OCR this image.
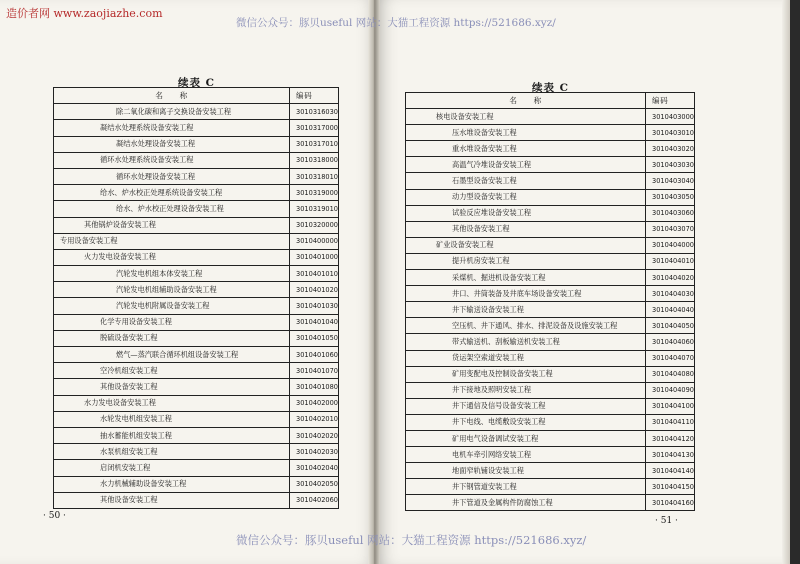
造价者网 www.zaojiazhe.com
微信公众号：豚贝useful 网站：大猫工程资源 https://521686.xyz/
微信公众号：豚贝useful 网站：大猫工程资源 https://521686.xyz/
续表 C
名　　称	编码
除二氧化碳和离子交换设备安装工程	3010316030
凝结水处理系统设备安装工程	3010317000
凝结水处理设备安装工程	3010317010
循环水处理系统设备安装工程	3010318000
循环水处理设备安装工程	3010318010
给水、炉水校正处理系统设备安装工程	3010319000
给水、炉水校正处理设备安装工程	3010319010
其他锅炉设备安装工程	3010320000
专用设备安装工程	3010400000
火力发电设备安装工程	3010401000
汽轮发电机组本体安装工程	3010401010
汽轮发电机组辅助设备安装工程	3010401020
汽轮发电机附属设备安装工程	3010401030
化学专用设备安装工程	3010401040
脱硫设备安装工程	3010401050
燃气—蒸汽联合循环机组设备安装工程	3010401060
空冷机组安装工程	3010401070
其他设备安装工程	3010401080
水力发电设备安装工程	3010402000
水轮发电机组安装工程	3010402010
抽水蓄能机组安装工程	3010402020
水泵机组安装工程	3010402030
启闭机安装工程	3010402040
水力机械辅助设备安装工程	3010402050
其他设备安装工程	3010402060
· 50 ·
续表 C
名　　称	编码
核电设备安装工程	3010403000
压水堆设备安装工程	3010403010
重水堆设备安装工程	3010403020
高温气冷堆设备安装工程	3010403030
石墨型设备安装工程	3010403040
动力型设备安装工程	3010403050
试验反应堆设备安装工程	3010403060
其他设备安装工程	3010403070
矿业设备安装工程	3010404000
提升机房安装工程	3010404010
采煤机、掘进机设备安装工程	3010404020
井口、井筒装备及井底车场设备安装工程	3010404030
井下输送设备安装工程	3010404040
空压机、井下通风、排水、排泥设备及设施安装工程	3010404050
带式输送机、刮板输送机安装工程	3010404060
货运架空索道安装工程	3010404070
矿用变配电及控制设备安装工程	3010404080
井下接地及照明安装工程	3010404090
井下通信及信号设备安装工程	3010404100
井下电线、电缆敷设安装工程	3010404110
矿用电气设备调试安装工程	3010404120
电机车牵引网络安装工程	3010404130
地面窄轨铺设安装工程	3010404140
井下钢管道安装工程	3010404150
井下管道及金属构件防腐蚀工程	3010404160
· 51 ·
